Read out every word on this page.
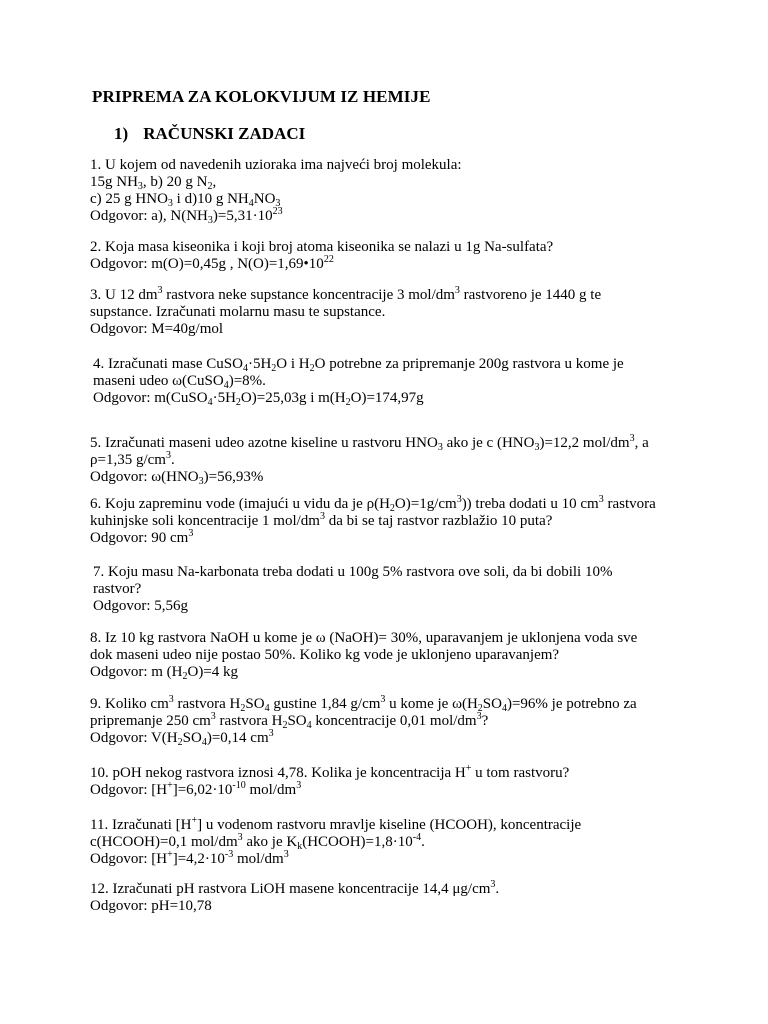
PRIPREMA ZA KOLOKVIJUM IZ HEMIJE
1) RAČUNSKI ZADACI
1. U kojem od navedenih uzioraka ima najveći broj molekula:
15g $NH_3$, b) 20 g $N_2$,
c) 25 g $HNO_3$ i d)10 g $NH_4NO_3$
Odgovor: a), $N(NH_3)=5,31\cdot 10^{23}$
2. Koja masa kiseonika i koji broj atoma kiseonika se nalazi u 1g Na-sulfata?
Odgovor: m(O)=0,45g , $N(O)=1,69•10^{22}$
3. U 12 $dm^3$ rastvora neke supstance koncentracije 3 mol/$dm^3$ rastvoreno je 1440 g te
supstance. Izračunati molarnu masu te supstance.
Odgovor: M=40g/mol
4. Izračunati mase $CuSO_4\cdot 5H_2O$ i $H_2O$ potrebne za pripremanje 200g rastvora u kome je
maseni udeo ω(CuSO$_4$)=8%.
Odgovor: $m(CuSO_4\cdot 5H_2O)=25,03g$ i $m(H_2O)=174,97g$
5. Izračunati maseni udeo azotne kiseline u rastvoru $HNO_3$ ako je c $(HNO_3)=12,2$ mol/$dm^3$, a
ρ=1,35 $g/cm^3$.
Odgovor: $\omega(HNO_3)=56,93\%$
6. Koju zapreminu vode (imajući u vidu da je $\rho(H_2O)=1g/cm^3$)) treba dodati u 10 $cm^3$ rastvora
kuhinjske soli koncentracije 1 mol/$dm^3$ da bi se taj rastvor razblažio 10 puta?
Odgovor: 90 $cm^3$
7. Koju masu Na-karbonata treba dodati u 100g 5% rastvora ove soli, da bi dobili 10%
rastvor?
Odgovor: 5,56g
8. Iz 10 kg rastvora NaOH u kome je ω (NaOH)= 30%, uparavanjem je uklonjena voda sve
dok maseni udeo nije postao 50%. Koliko kg vode je uklonjeno uparavanjem?
Odgovor: m $(H_2O)=4$ kg
9. Koliko $cm^3$ rastvora $H_2SO_4$ gustine 1,84 $g/cm^3$ u kome je $\omega(H_2SO_4)=96\%$ je potrebno za
pripremanje 250 $cm^3$ rastvora $H_2SO_4$ koncentracije 0,01 mol/$dm^3$?
Odgovor: $V(H_2SO_4)=0,14$ $cm^3$
10. pOH nekog rastvora iznosi 4,78. Kolika je koncentracija H+ u tom rastvoru?
Odgovor: $[H^+]=6,02\cdot 10^{-10}$ mol/$dm^3$
11. Izračunati [H+] u vodenom rastvoru mravlje kiseline (HCOOH), koncentracije
c(HCOOH)=0,1 mol/$dm^3$ ako je $K_k(HCOOH)=1,8\cdot 10^{-4}$.
Odgovor: $[H^+]=4,2\cdot 10^{-3}$ mol/$dm^3$
12. Izračunati pH rastvora LiOH masene koncentracije 14,4 $\mu g/cm^3$.
Odgovor: pH=10,78
